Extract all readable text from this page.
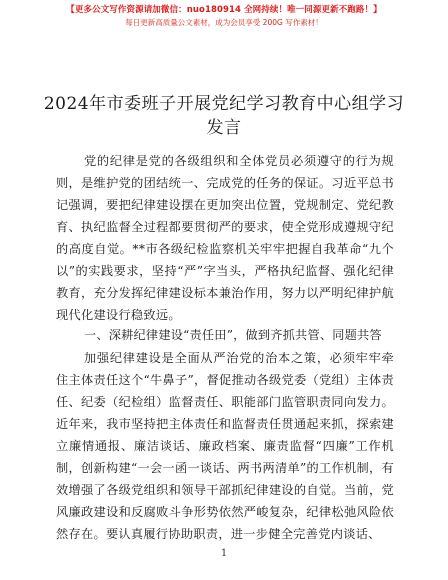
【更多公文写作资源请加微信：nuo180914 全网持续！唯一同源更新不跑路！】
每日更新高质量公文素材，成为会员享受 200G 写作素材！
2024年市委班子开展党纪学习教育中心组学习
发言
党的纪律是党的各级组织和全体党员必须遵守的行为规则，是维护党的团结统一、完成党的任务的保证。习近平总书记强调，要把纪律建设摆在更加突出位置，党规制定、党纪教育、执纪监督全过程都要贯彻严的要求，使全党形成遵规守纪的高度自觉。**市各级纪检监察机关牢牢把握自我革命“九个以”的实践要求，坚持“严”字当头，严格执纪监督、强化纪律教育，充分发挥纪律建设标本兼治作用，努力以严明纪律护航现代化建设行稳致远。
一、深耕纪律建设“责任田”，做到齐抓共管、同题共答
加强纪律建设是全面从严治党的治本之策，必须牢牢牵住主体责任这个“牛鼻子”，督促推动各级党委（党组）主体责任、纪委（纪检组）监督责任、职能部门监管职责同向发力。近年来，我市坚持把主体责任和监督责任贯通起来抓，探索建立廉情通报、廉洁谈话、廉政档案、廉责监督“四廉”工作机制，创新构建“一会一函一谈话、两书两清单”的工作机制，有效增强了各级党组织和领导干部抓纪律建设的自觉。当前，党风廉政建设和反腐败斗争形势依然严峻复杂，纪律松弛风险依然存在。要认真履行协助职责，进一步健全完善党内谈话、
1
